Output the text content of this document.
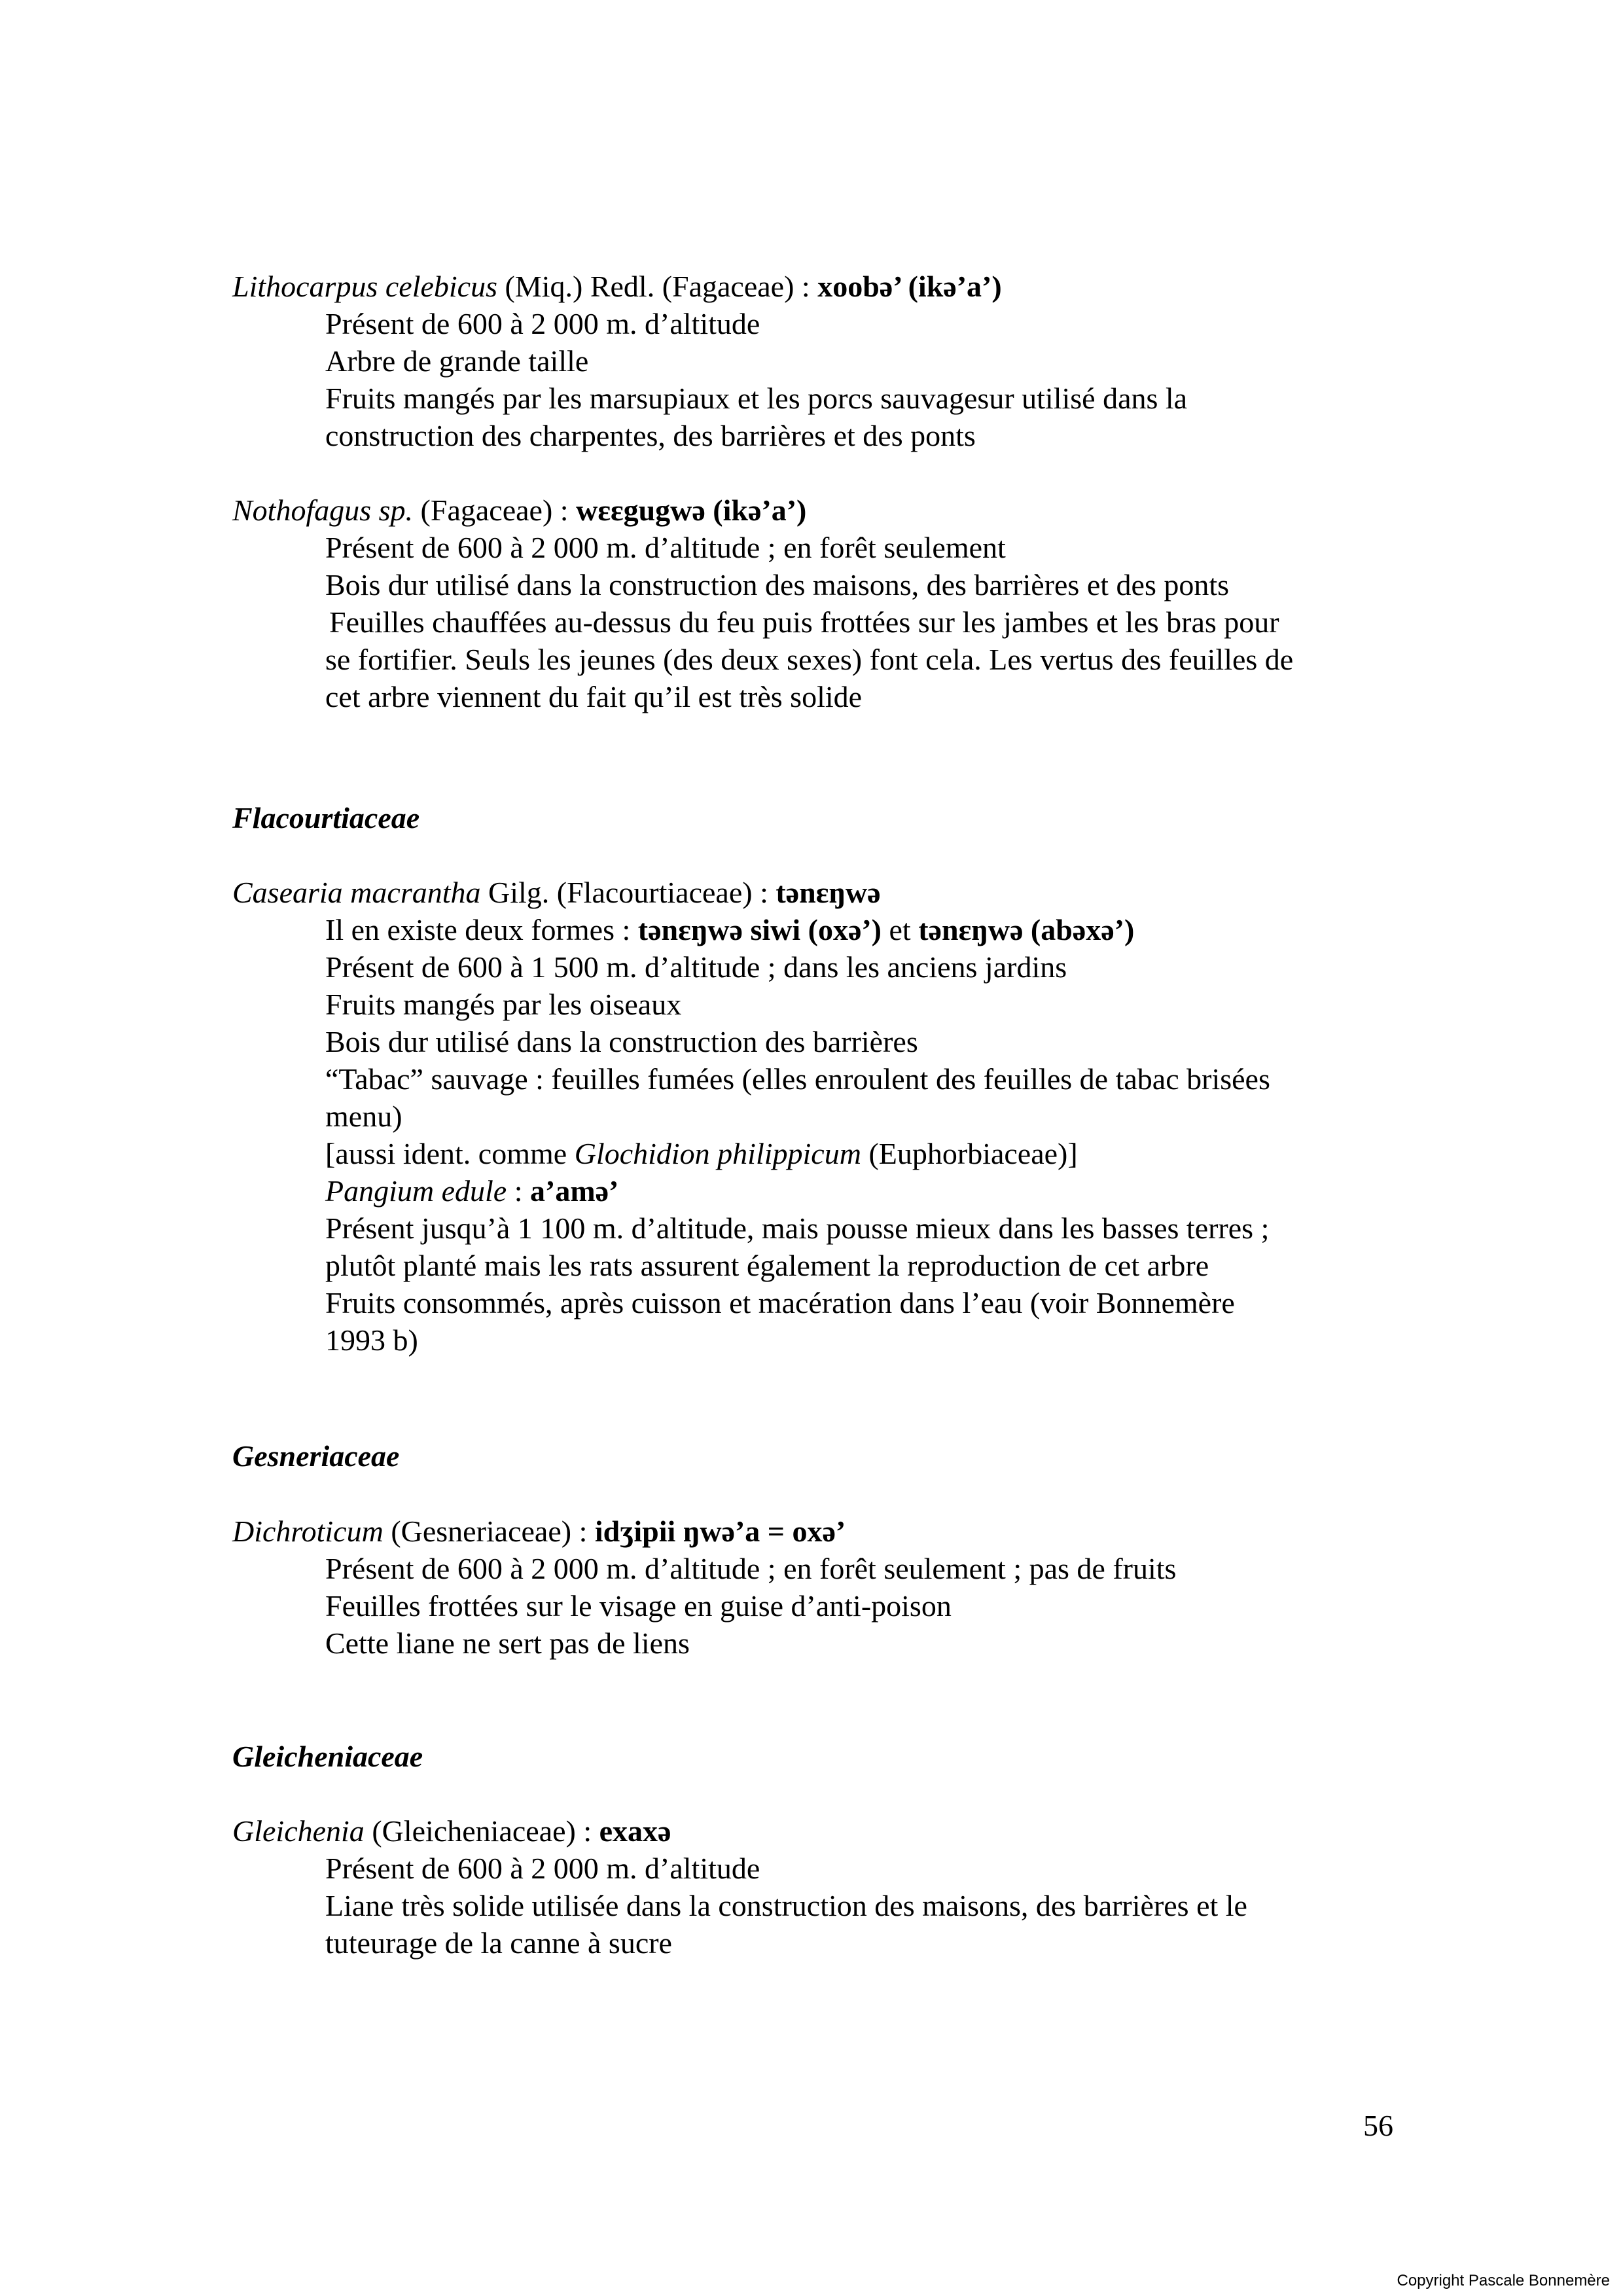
Lithocarpus celebicus (Miq.) Redl. (Fagaceae) : xoobə’ (ikə’a’)
Présent de 600 à 2 000 m. d’altitude
Arbre de grande taille
Fruits mangés par les marsupiaux et les porcs sauvagesur utilisé dans la
construction des charpentes, des barrières et des ponts
Nothofagus sp. (Fagaceae) : wɛɛgugwə (ikə’a’)
Présent de 600 à 2 000 m. d’altitude ; en forêt seulement
Bois dur utilisé dans la construction des maisons, des barrières et des ponts
Feuilles chauffées au-dessus du feu puis frottées sur les jambes et les bras pour
se fortifier. Seuls les jeunes (des deux sexes) font cela. Les vertus des feuilles de
cet arbre viennent du fait qu’il est très solide
Flacourtiaceae
Casearia macrantha Gilg. (Flacourtiaceae) : tənɛŋwə
Il en existe deux formes : tənɛŋwə siwi (oxə’) et tənɛŋwə (abəxə’)
Présent de 600 à 1 500 m. d’altitude ; dans les anciens jardins
Fruits mangés par les oiseaux
Bois dur utilisé dans la construction des barrières
“Tabac” sauvage : feuilles fumées (elles enroulent des feuilles de tabac brisées
menu)
[aussi ident. comme Glochidion philippicum (Euphorbiaceae)]
Pangium edule : a’amə’
Présent jusqu’à 1 100 m. d’altitude, mais pousse mieux dans les basses terres ;
plutôt planté mais les rats assurent également la reproduction de cet arbre
Fruits consommés, après cuisson et macération dans l’eau (voir Bonnemère
1993 b)
Gesneriaceae
Dichroticum (Gesneriaceae) : idʒipii ŋwə’a = oxə’
Présent de 600 à 2 000 m. d’altitude ; en forêt seulement ; pas de fruits
Feuilles frottées sur le visage en guise d’anti-poison
Cette liane ne sert pas de liens
Gleicheniaceae
Gleichenia (Gleicheniaceae) : exaxə
Présent de 600 à 2 000 m. d’altitude
Liane très solide utilisée dans la construction des maisons, des barrières et le
tuteurage de la canne à sucre
56
Copyright Pascale Bonnemère
